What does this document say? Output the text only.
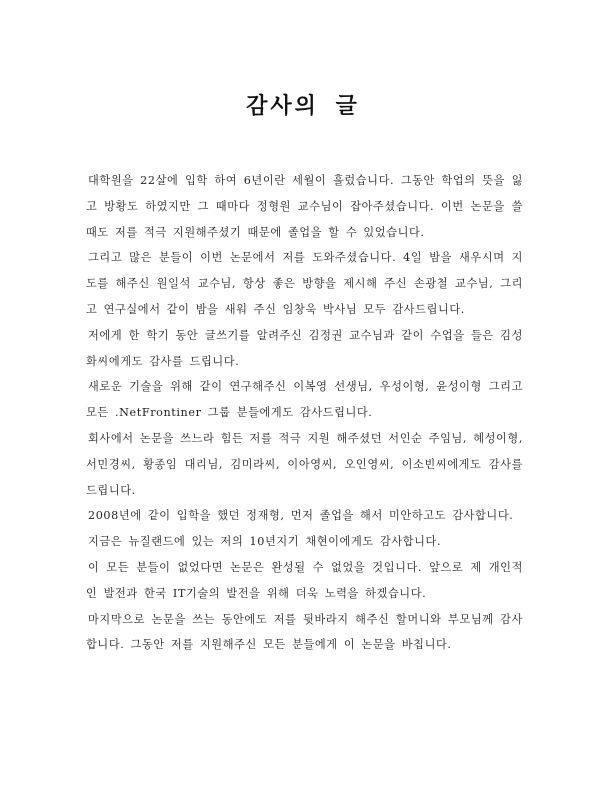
감사의 글

대학원을 22살에 입학 하여 6년이란 세월이 흘렀습니다. 그동안 학업의 뜻을 잃고 방황도 하였지만 그 때마다 정형원 교수님이 잡아주셨습니다. 이번 논문을 쓸 때도 저를 적극 지원해주셨기 때문에 졸업을 할 수 있었습니다.

그리고 많은 분들이 이번 논문에서 저를 도와주셨습니다. 4일 밤을 새우시며 지도를 해주신 원일석 교수님, 항상 좋은 방향을 제시해 주신 손광철 교수님, 그리고 연구실에서 같이 밤을 새워 주신 임창욱 박사님 모두 감사드립니다.

저에게 한 학기 동안 글쓰기를 알려주신 김정권 교수님과 같이 수업을 들은 김성화씨에게도 감사를 드립니다.

새로운 기술을 위해 같이 연구해주신 이복영 선생님, 우성이형, 윤성이형 그리고 모든 .NetFrontiner 그룹 분들에게도 감사드립니다.

회사에서 논문을 쓰느라 힘든 저를 적극 지원 해주셨던 서인순 주임님, 혜성이형, 서민경씨, 황종임 대리님, 김미라씨, 이아영씨, 오인영씨, 이소빈씨에게도 감사를 드립니다.

2008년에 같이 입학을 했던 정재형, 먼저 졸업을 해서 미안하고도 감사합니다.

지금은 뉴질랜드에 있는 저의 10년지기 채현이에게도 감사합니다.

이 모든 분들이 없었다면 논문은 완성될 수 없었을 것입니다. 앞으로 제 개인적인 발전과 한국 IT기술의 발전을 위해 더욱 노력을 하겠습니다.

마지막으로 논문을 쓰는 동안에도 저를 뒷바라지 해주신 할머니와 부모님께 감사합니다. 그동안 저를 지원해주신 모든 분들에게 이 논문을 바칩니다.
